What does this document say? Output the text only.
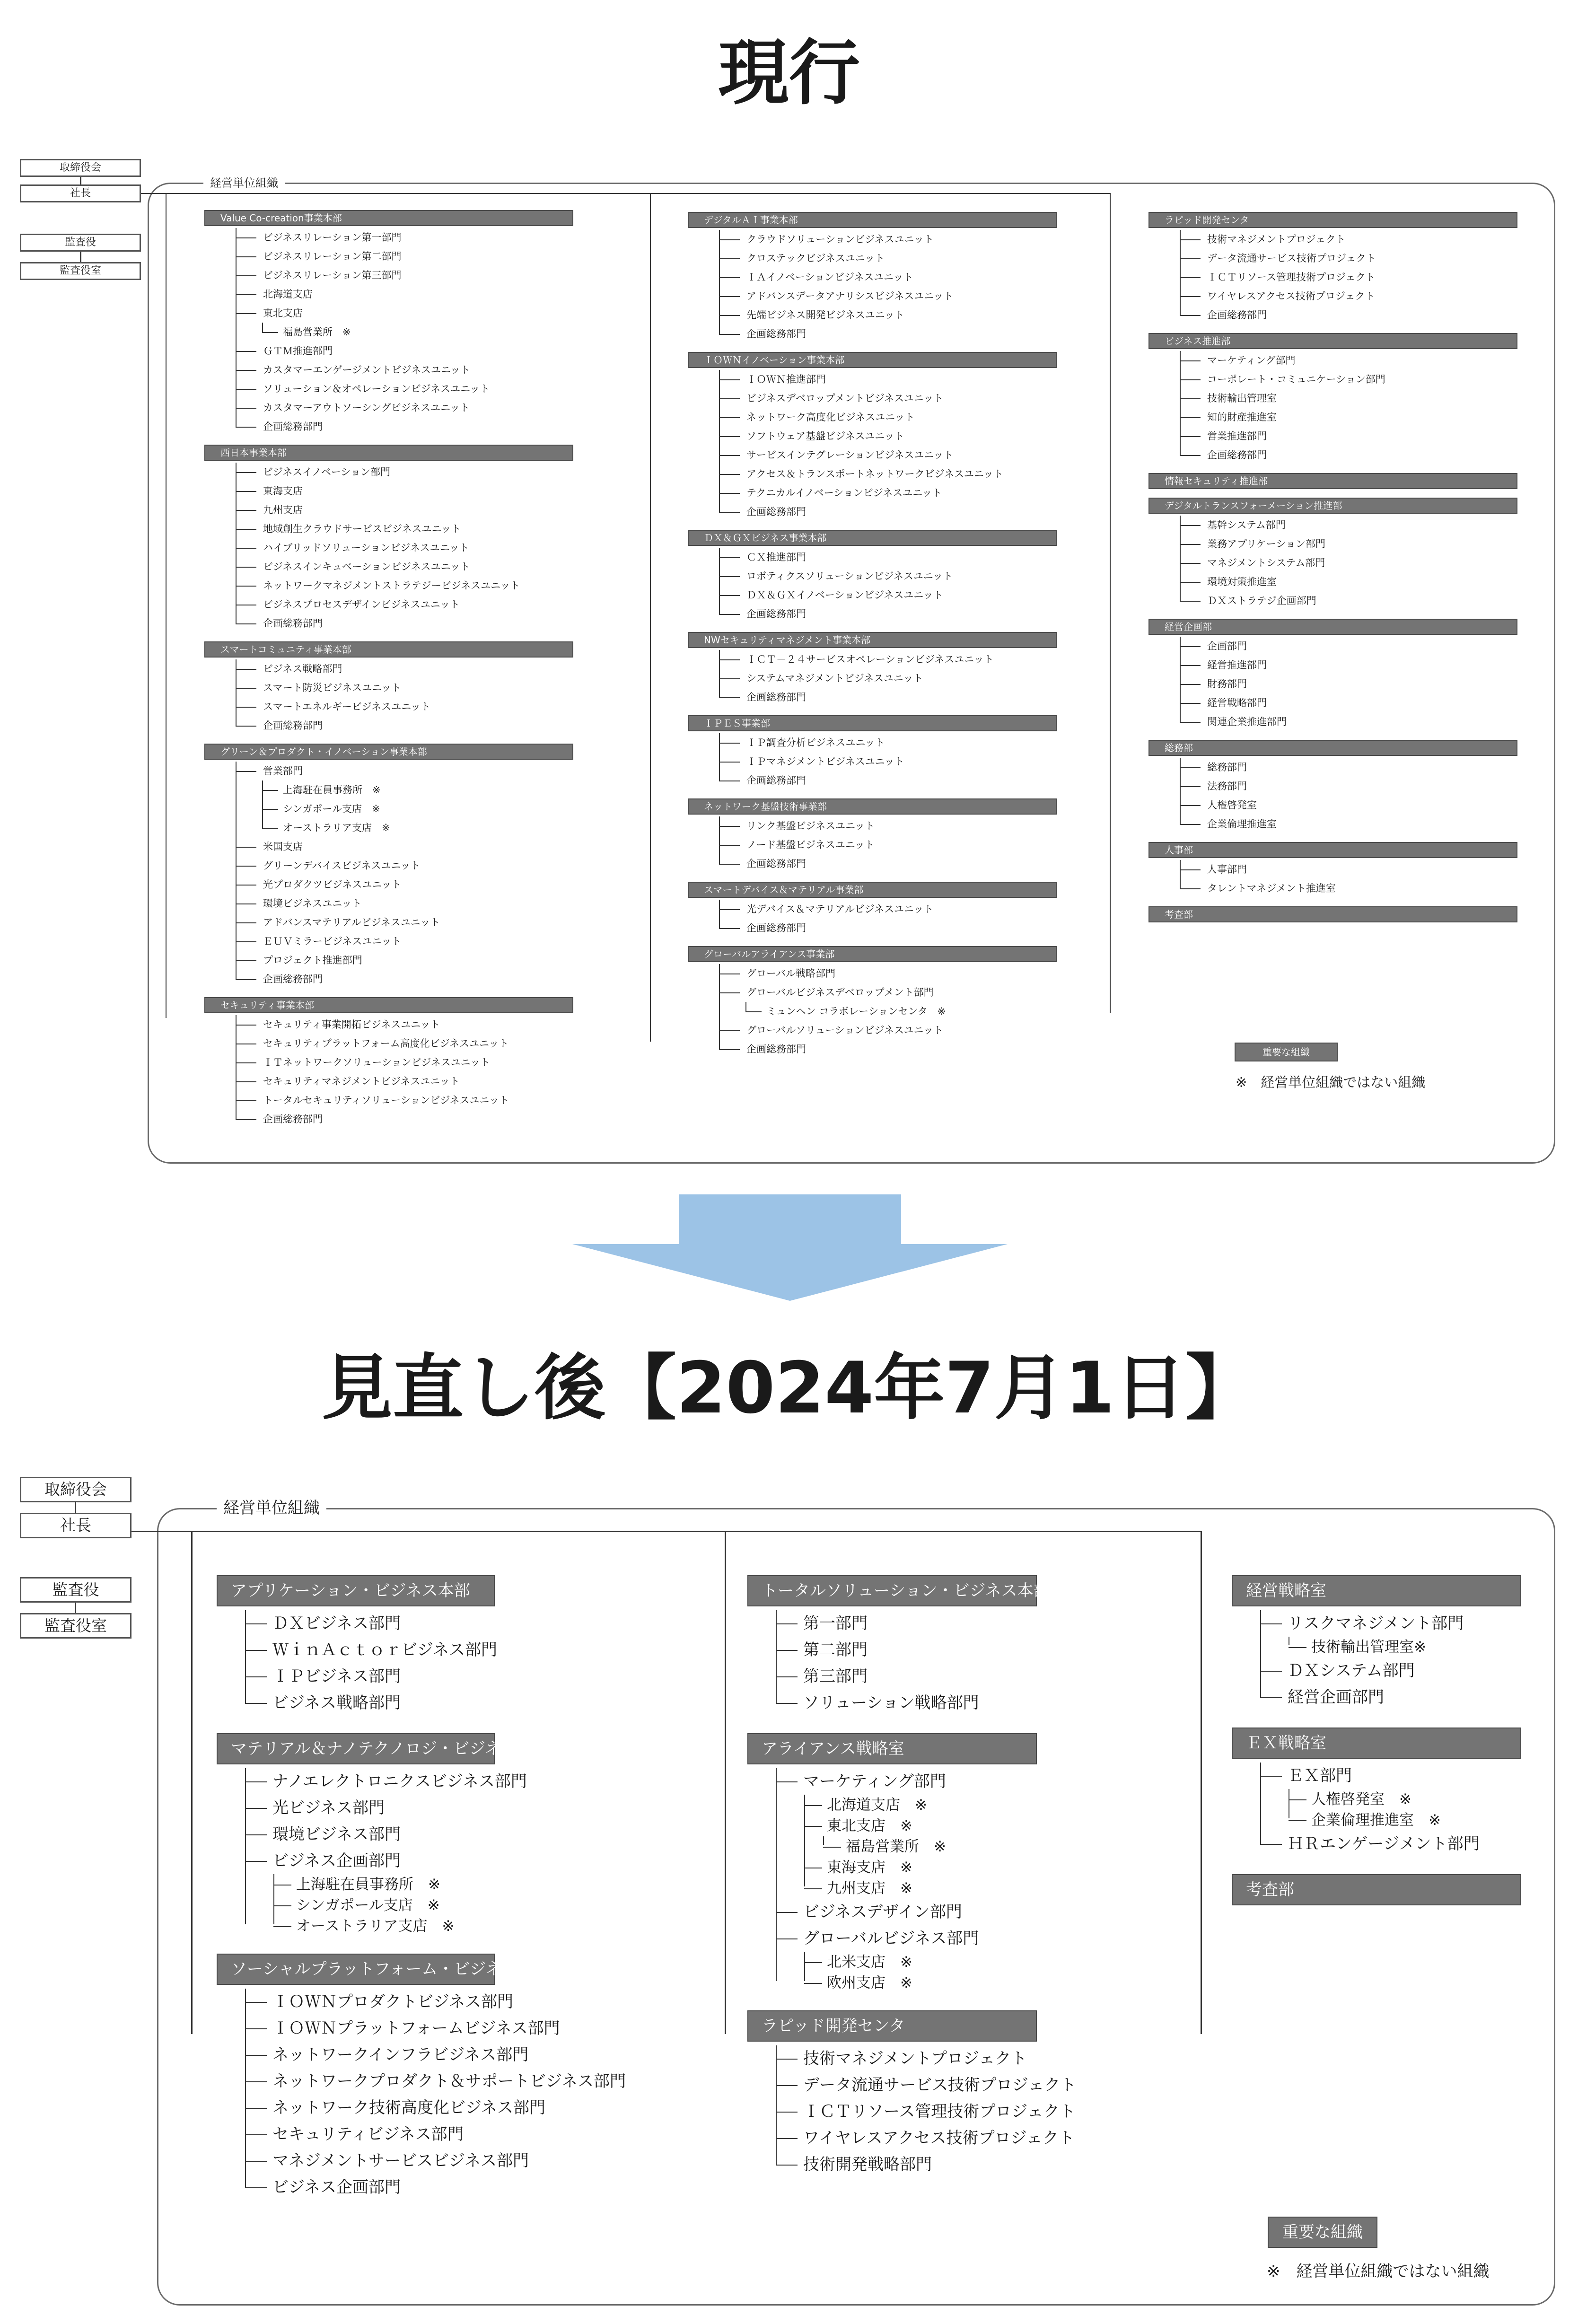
現行
取締役会
社長
監査役
監査役室
経営単位組織
Value Co-creation事業本部
ビジネスリレーション第一部門
ビジネスリレーション第二部門
ビジネスリレーション第三部門
北海道支店
東北支店
福島営業所　※
ＧＴＭ推進部門
カスタマーエンゲージメントビジネスユニット
ソリューション＆オペレーションビジネスユニット
カスタマーアウトソーシングビジネスユニット
企画総務部門
西日本事業本部
ビジネスイノベーション部門
東海支店
九州支店
地域創生クラウドサービスビジネスユニット
ハイブリッドソリューションビジネスユニット
ビジネスインキュベーションビジネスユニット
ネットワークマネジメントストラテジービジネスユニット
ビジネスプロセスデザインビジネスユニット
企画総務部門
スマートコミュニティ事業本部
ビジネス戦略部門
スマート防災ビジネスユニット
スマートエネルギービジネスユニット
企画総務部門
グリーン＆プロダクト・イノベーション事業本部
営業部門
上海駐在員事務所　※
シンガポール支店　※
オーストラリア支店　※
米国支店
グリーンデバイスビジネスユニット
光プロダクツビジネスユニット
環境ビジネスユニット
アドバンスマテリアルビジネスユニット
ＥＵＶミラービジネスユニット
プロジェクト推進部門
企画総務部門
セキュリティ事業本部
セキュリティ事業開拓ビジネスユニット
セキュリティプラットフォーム高度化ビジネスユニット
ＩＴネットワークソリューションビジネスユニット
セキュリティマネジメントビジネスユニット
トータルセキュリティソリューションビジネスユニット
企画総務部門
デジタルＡＩ事業本部
クラウドソリューションビジネスユニット
クロステックビジネスユニット
ＩＡイノベーションビジネスユニット
アドバンスデータアナリシスビジネスユニット
先端ビジネス開発ビジネスユニット
企画総務部門
ＩＯＷＮイノベーション事業本部
ＩＯＷＮ推進部門
ビジネスデベロップメントビジネスユニット
ネットワーク高度化ビジネスユニット
ソフトウェア基盤ビジネスユニット
サービスインテグレーションビジネスユニット
アクセス＆トランスポートネットワークビジネスユニット
テクニカルイノベーションビジネスユニット
企画総務部門
ＤＸ＆ＧＸビジネス事業本部
ＣＸ推進部門
ロボティクスソリューションビジネスユニット
ＤＸ＆ＧＸイノベーションビジネスユニット
企画総務部門
NWセキュリティマネジメント事業本部
ＩＣＴ－２４サービスオペレーションビジネスユニット
システムマネジメントビジネスユニット
企画総務部門
ＩＰＥＳ事業部
ＩＰ調査分析ビジネスユニット
ＩＰマネジメントビジネスユニット
企画総務部門
ネットワーク基盤技術事業部
リンク基盤ビジネスユニット
ノード基盤ビジネスユニット
企画総務部門
スマートデバイス＆マテリアル事業部
光デバイス＆マテリアルビジネスユニット
企画総務部門
グローバルアライアンス事業部
グローバル戦略部門
グローバルビジネスデベロップメント部門
ミュンヘン コラボレーションセンタ　※
グローバルソリューションビジネスユニット
企画総務部門
ラピッド開発センタ
技術マネジメントプロジェクト
データ流通サービス技術プロジェクト
ＩＣＴリソース管理技術プロジェクト
ワイヤレスアクセス技術プロジェクト
企画総務部門
ビジネス推進部
マーケティング部門
コーポレート・コミュニケーション部門
技術輸出管理室
知的財産推進室
営業推進部門
企画総務部門
情報セキュリティ推進部
デジタルトランスフォーメーション推進部
基幹システム部門
業務アプリケーション部門
マネジメントシステム部門
環境対策推進室
ＤＸストラテジ企画部門
経営企画部
企画部門
経営推進部門
財務部門
経営戦略部門
関連企業推進部門
総務部
総務部門
法務部門
人権啓発室
企業倫理推進室
人事部
人事部門
タレントマネジメント推進室
考査部
重要な組織
※　経営単位組織ではない組織
見直し後【2024年7月1日】
取締役会
社長
監査役
監査役室
経営単位組織
アプリケーション・ビジネス本部
ＤＸビジネス部門
ＷｉｎＡｃｔｏｒビジネス部門
ＩＰビジネス部門
ビジネス戦略部門
マテリアル＆ナノテクノロジ・ビジネス本部
ナノエレクトロニクスビジネス部門
光ビジネス部門
環境ビジネス部門
ビジネス企画部門
上海駐在員事務所　※
シンガポール支店　※
オーストラリア支店　※
ソーシャルプラットフォーム・ビジネス本部
ＩＯＷＮプロダクトビジネス部門
ＩＯＷＮプラットフォームビジネス部門
ネットワークインフラビジネス部門
ネットワークプロダクト＆サポートビジネス部門
ネットワーク技術高度化ビジネス部門
セキュリティビジネス部門
マネジメントサービスビジネス部門
ビジネス企画部門
トータルソリューション・ビジネス本部
第一部門
第二部門
第三部門
ソリューション戦略部門
アライアンス戦略室
マーケティング部門
北海道支店　※
東北支店　※
福島営業所　※
東海支店　※
九州支店　※
ビジネスデザイン部門
グローバルビジネス部門
北米支店　※
欧州支店　※
ラピッド開発センタ
技術マネジメントプロジェクト
データ流通サービス技術プロジェクト
ＩＣＴリソース管理技術プロジェクト
ワイヤレスアクセス技術プロジェクト
技術開発戦略部門
経営戦略室
リスクマネジメント部門
技術輸出管理室※
ＤＸシステム部門
経営企画部門
ＥＸ戦略室
ＥＸ部門
人権啓発室　※
企業倫理推進室　※
ＨＲエンゲージメント部門
考査部
重要な組織
※　経営単位組織ではない組織
